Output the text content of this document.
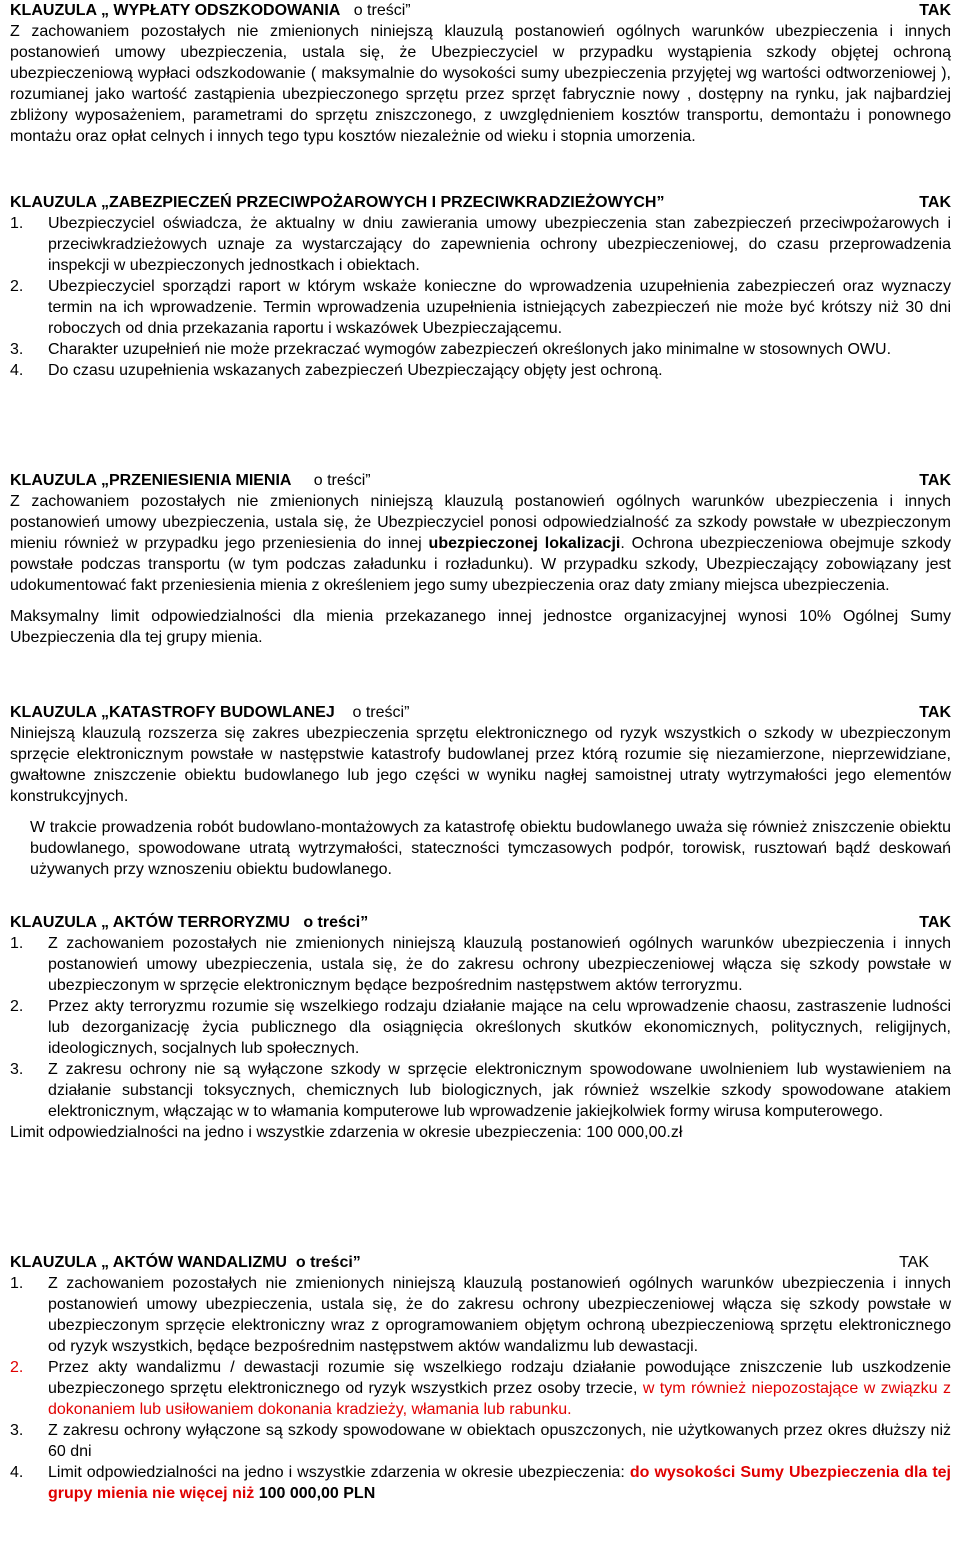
KLAUZULA „ WYPŁATY ODSZKODOWANIA o treści”	TAK
Z zachowaniem pozostałych nie zmienionych niniejszą klauzulą postanowień ogólnych warunków ubezpieczenia i innych postanowień umowy ubezpieczenia, ustala się, że Ubezpieczyciel w przypadku wystąpienia szkody objętej ochroną ubezpieczeniową wypłaci odszkodowanie ( maksymalnie do wysokości sumy ubezpieczenia przyjętej wg wartości odtworzeniowej ), rozumianej jako wartość zastąpienia ubezpieczonego sprzętu przez sprzęt fabrycznie nowy , dostępny na rynku, jak najbardziej zbliżony wyposażeniem, parametrami do sprzętu zniszczonego, z uwzględnieniem kosztów transportu, demontażu i ponownego montażu oraz opłat celnych i innych tego typu kosztów niezależnie od wieku i stopnia umorzenia.
KLAUZULA „ZABEZPIECZEŃ PRZECIWPOŻAROWYCH I PRZECIWKRADZIEŻOWYCH”	TAK
1.	Ubezpieczyciel oświadcza, że aktualny w dniu zawierania umowy ubezpieczenia stan zabezpieczeń przeciwpożarowych i przeciwkradzieżowych uznaje za wystarczający do zapewnienia ochrony ubezpieczeniowej, do czasu przeprowadzenia inspekcji w ubezpieczonych jednostkach i obiektach.
2.	Ubezpieczyciel sporządzi raport w którym wskaże konieczne do wprowadzenia uzupełnienia zabezpieczeń oraz wyznaczy termin na ich wprowadzenie. Termin wprowadzenia uzupełnienia istniejących zabezpieczeń nie może być krótszy niż 30 dni roboczych od dnia przekazania raportu i wskazówek Ubezpieczającemu.
3.	Charakter uzupełnień nie może przekraczać wymogów zabezpieczeń określonych jako minimalne w stosownych OWU.
4.	Do czasu uzupełnienia wskazanych zabezpieczeń Ubezpieczający objęty jest ochroną.
KLAUZULA „PRZENIESIENIA MIENIA o treści”	TAK
Z zachowaniem pozostałych nie zmienionych niniejszą klauzulą postanowień ogólnych warunków ubezpieczenia i innych postanowień umowy ubezpieczenia, ustala się, że Ubezpieczyciel ponosi odpowiedzialność za szkody powstałe w ubezpieczonym mieniu również w przypadku jego przeniesienia do innej ubezpieczonej lokalizacji. Ochrona ubezpieczeniowa obejmuje szkody powstałe podczas transportu (w tym podczas załadunku i rozładunku). W przypadku szkody, Ubezpieczający zobowiązany jest udokumentować fakt przeniesienia mienia z określeniem jego sumy ubezpieczenia oraz daty zmiany miejsca ubezpieczenia.
Maksymalny limit odpowiedzialności dla mienia przekazanego innej jednostce organizacyjnej wynosi 10% Ogólnej Sumy Ubezpieczenia dla tej grupy mienia.
KLAUZULA „KATASTROFY BUDOWLANEJ o treści”	TAK
Niniejszą klauzulą rozszerza się zakres ubezpieczenia sprzętu elektronicznego od ryzyk wszystkich o szkody w ubezpieczonym sprzęcie elektronicznym powstałe w następstwie katastrofy budowlanej przez którą rozumie się niezamierzone, nieprzewidziane, gwałtowne zniszczenie obiektu budowlanego lub jego części w wyniku nagłej samoistnej utraty wytrzymałości jego elementów konstrukcyjnych.
W trakcie prowadzenia robót budowlano-montażowych za katastrofę obiektu budowlanego uważa się również zniszczenie obiektu budowlanego, spowodowane utratą wytrzymałości, stateczności tymczasowych podpór, torowisk, rusztowań bądź deskowań używanych przy wznoszeniu obiektu budowlanego.
KLAUZULA „ AKTÓW TERRORYZMU o treści”	TAK
1.	Z zachowaniem pozostałych nie zmienionych niniejszą klauzulą postanowień ogólnych warunków ubezpieczenia i innych postanowień umowy ubezpieczenia, ustala się, że do zakresu ochrony ubezpieczeniowej włącza się szkody powstałe w ubezpieczonym w sprzęcie elektronicznym będące bezpośrednim następstwem aktów terroryzmu.
2.	Przez akty terroryzmu rozumie się wszelkiego rodzaju działanie mające na celu wprowadzenie chaosu, zastraszenie ludności lub dezorganizację życia publicznego dla osiągnięcia określonych skutków ekonomicznych, politycznych, religijnych, ideologicznych, socjalnych lub społecznych.
3.	Z zakresu ochrony nie są wyłączone szkody w sprzęcie elektronicznym spowodowane uwolnieniem lub wystawieniem na działanie substancji toksycznych, chemicznych lub biologicznych, jak również wszelkie szkody spowodowane atakiem elektronicznym, włączając w to włamania komputerowe lub wprowadzenie jakiejkolwiek formy wirusa komputerowego.
Limit odpowiedzialności na jedno i wszystkie zdarzenia w okresie ubezpieczenia: 100 000,00.zł
KLAUZULA „ AKTÓW WANDALIZMU o treści”	TAK
1.	Z zachowaniem pozostałych nie zmienionych niniejszą klauzulą postanowień ogólnych warunków ubezpieczenia i innych postanowień umowy ubezpieczenia, ustala się, że do zakresu ochrony ubezpieczeniowej włącza się szkody powstałe w ubezpieczonym sprzęcie elektroniczny wraz z oprogramowaniem objętym ochroną ubezpieczeniową sprzętu elektronicznego od ryzyk wszystkich, będące bezpośrednim następstwem aktów wandalizmu lub dewastacji.
2.	Przez akty wandalizmu / dewastacji rozumie się wszelkiego rodzaju działanie powodujące zniszczenie lub uszkodzenie ubezpieczonego sprzętu elektronicznego od ryzyk wszystkich przez osoby trzecie, w tym również niepozostające w związku z dokonaniem lub usiłowaniem dokonania kradzieży, włamania lub rabunku.
3.	Z zakresu ochrony wyłączone są szkody spowodowane w obiektach opuszczonych, nie użytkowanych przez okres dłuższy niż 60 dni
4.	Limit odpowiedzialności na jedno i wszystkie zdarzenia w okresie ubezpieczenia: do wysokości Sumy Ubezpieczenia dla tej grupy mienia nie więcej niż 100 000,00 PLN
